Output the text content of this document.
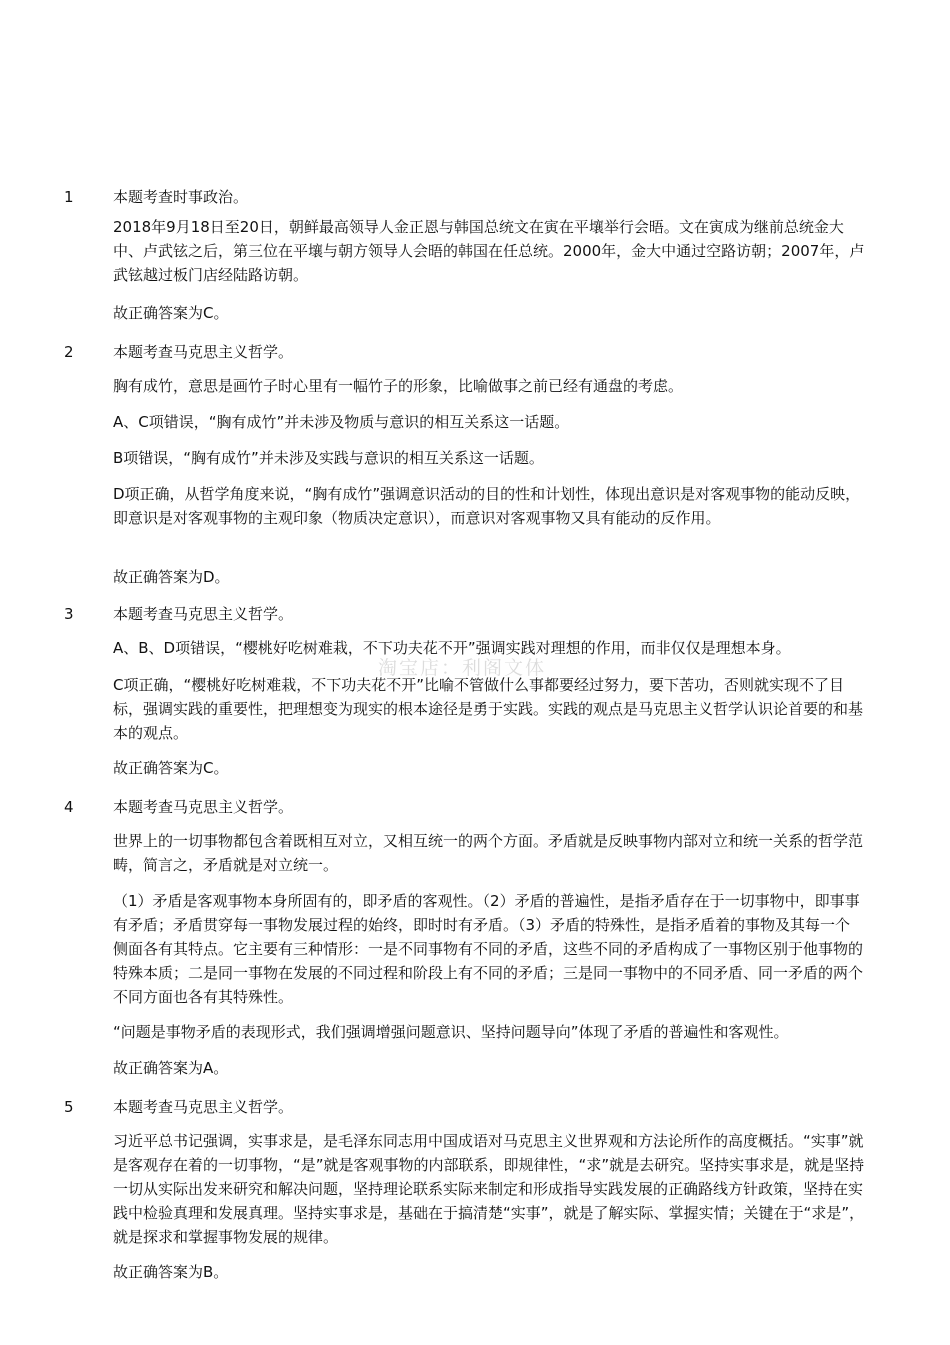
1	本题考查时事政治。

2018年9月18日至20日，朝鲜最高领导人金正恩与韩国总统文在寅在平壤举行会晤。文在寅成为继前总统金大中、卢武铉之后，第三位在平壤与朝方领导人会晤的韩国在任总统。2000年，金大中通过空路访朝；2007年，卢武铉越过板门店经陆路访朝。

故正确答案为C。

2	本题考查马克思主义哲学。

胸有成竹，意思是画竹子时心里有一幅竹子的形象，比喻做事之前已经有通盘的考虑。

A、C项错误，“胸有成竹”并未涉及物质与意识的相互关系这一话题。

B项错误，“胸有成竹”并未涉及实践与意识的相互关系这一话题。

D项正确，从哲学角度来说，“胸有成竹”强调意识活动的目的性和计划性，体现出意识是对客观事物的能动反映，即意识是对客观事物的主观印象（物质决定意识），而意识对客观事物又具有能动的反作用。

故正确答案为D。

3	本题考查马克思主义哲学。

A、B、D项错误，“樱桃好吃树难栽，不下功夫花不开”强调实践对理想的作用，而非仅仅是理想本身。

C项正确，“樱桃好吃树难栽，不下功夫花不开”比喻不管做什么事都要经过努力，要下苦功，否则就实现不了目标，强调实践的重要性，把理想变为现实的根本途径是勇于实践。实践的观点是马克思主义哲学认识论首要的和基本的观点。

故正确答案为C。

4	本题考查马克思主义哲学。

世界上的一切事物都包含着既相互对立，又相互统一的两个方面。矛盾就是反映事物内部对立和统一关系的哲学范畴，简言之，矛盾就是对立统一。

（1）矛盾是客观事物本身所固有的，即矛盾的客观性。（2）矛盾的普遍性，是指矛盾存在于一切事物中，即事事有矛盾；矛盾贯穿每一事物发展过程的始终，即时时有矛盾。（3）矛盾的特殊性，是指矛盾着的事物及其每一个侧面各有其特点。它主要有三种情形：一是不同事物有不同的矛盾，这些不同的矛盾构成了一事物区别于他事物的特殊本质；二是同一事物在发展的不同过程和阶段上有不同的矛盾；三是同一事物中的不同矛盾、同一矛盾的两个不同方面也各有其特殊性。

“问题是事物矛盾的表现形式，我们强调增强问题意识、坚持问题导向”体现了矛盾的普遍性和客观性。

故正确答案为A。

5	本题考查马克思主义哲学。

习近平总书记强调，实事求是，是毛泽东同志用中国成语对马克思主义世界观和方法论所作的高度概括。“实事”就是客观存在着的一切事物，“是”就是客观事物的内部联系，即规律性，“求”就是去研究。坚持实事求是，就是坚持一切从实际出发来研究和解决问题，坚持理论联系实际来制定和形成指导实践发展的正确路线方针政策，坚持在实践中检验真理和发展真理。坚持实事求是，基础在于搞清楚“实事”，就是了解实际、掌握实情；关键在于“求是”，就是探求和掌握事物发展的规律。

故正确答案为B。

淘宝店：利阁文体
